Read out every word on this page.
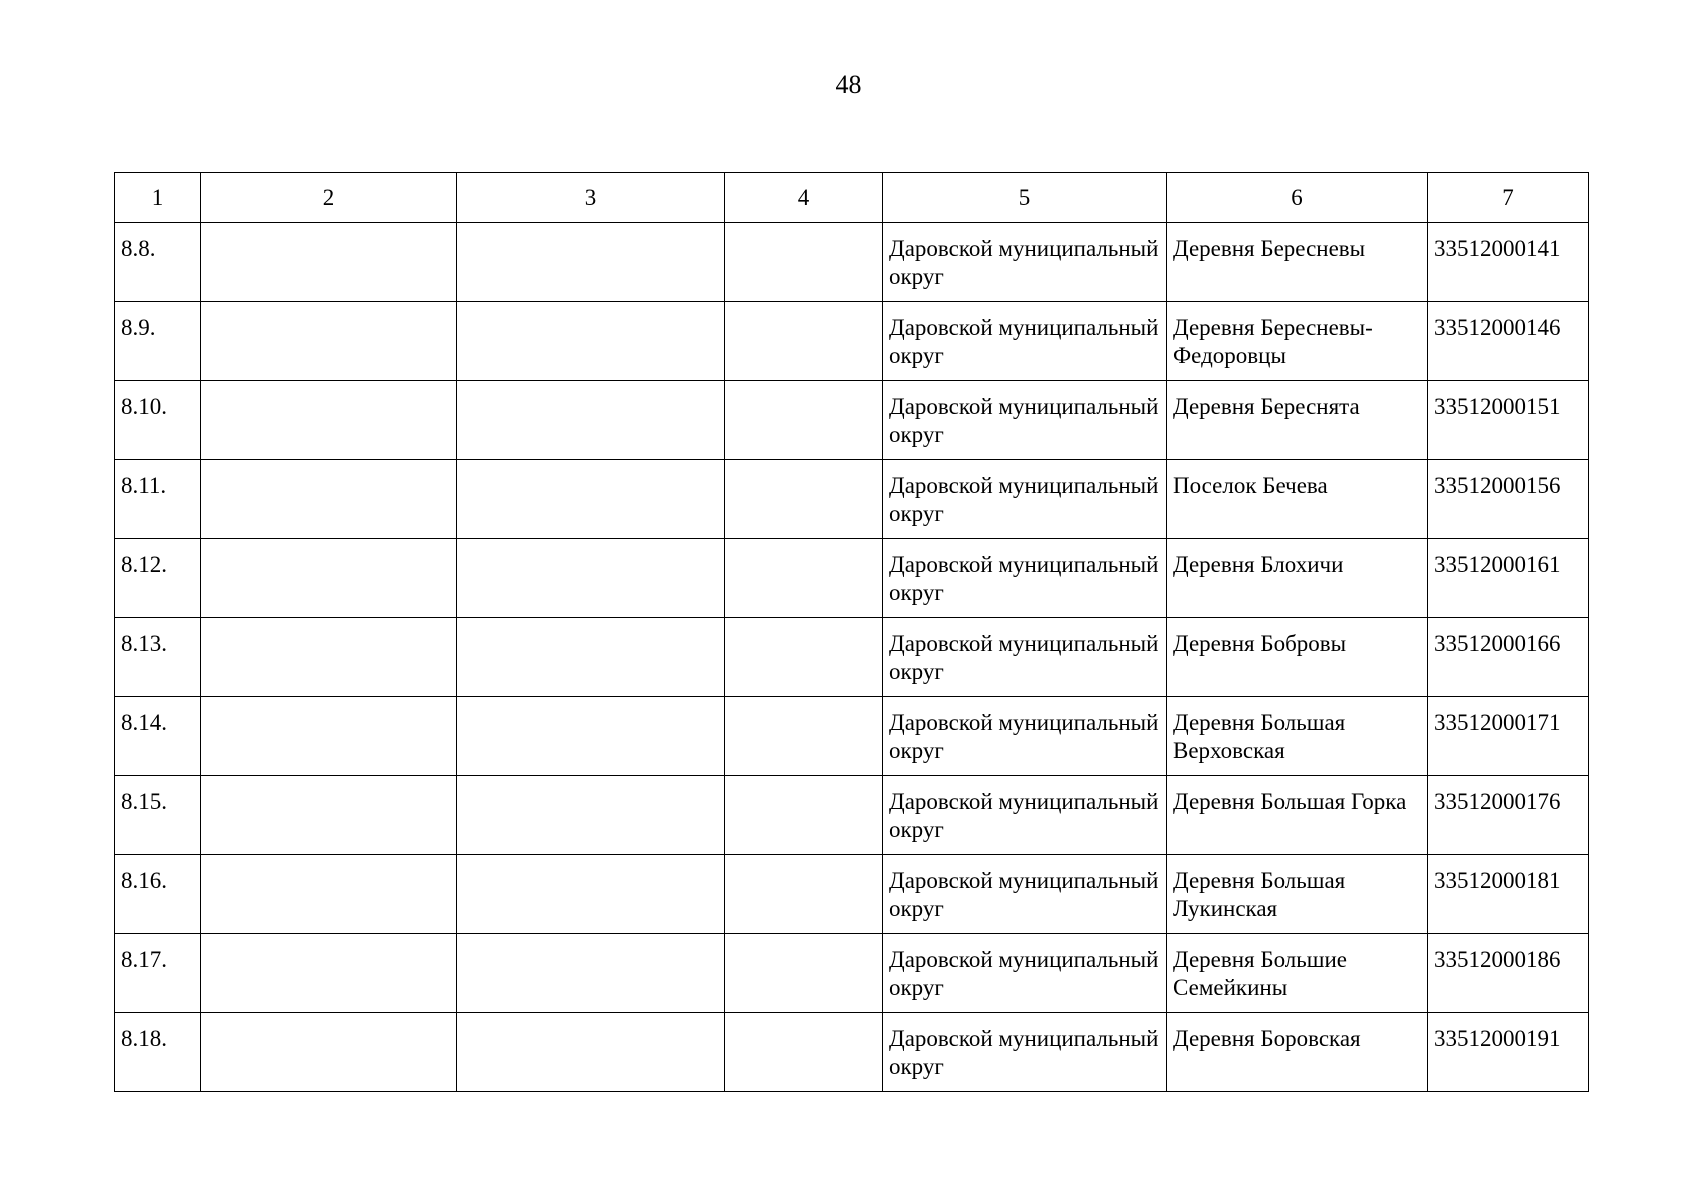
48
1	2	3	4	5	6	7
8.8.				Даровской муниципальный округ	Деревня Бересневы	33512000141
8.9.				Даровской муниципальный округ	Деревня Бересневы-Федоровцы	33512000146
8.10.				Даровской муниципальный округ	Деревня Береснята	33512000151
8.11.				Даровской муниципальный округ	Поселок Бечева	33512000156
8.12.				Даровской муниципальный округ	Деревня Блохичи	33512000161
8.13.				Даровской муниципальный округ	Деревня Бобровы	33512000166
8.14.				Даровской муниципальный округ	Деревня Большая Верховская	33512000171
8.15.				Даровской муниципальный округ	Деревня Большая Горка	33512000176
8.16.				Даровской муниципальный округ	Деревня Большая Лукинская	33512000181
8.17.				Даровской муниципальный округ	Деревня Большие Семейкины	33512000186
8.18.				Даровской муниципальный округ	Деревня Боровская	33512000191
